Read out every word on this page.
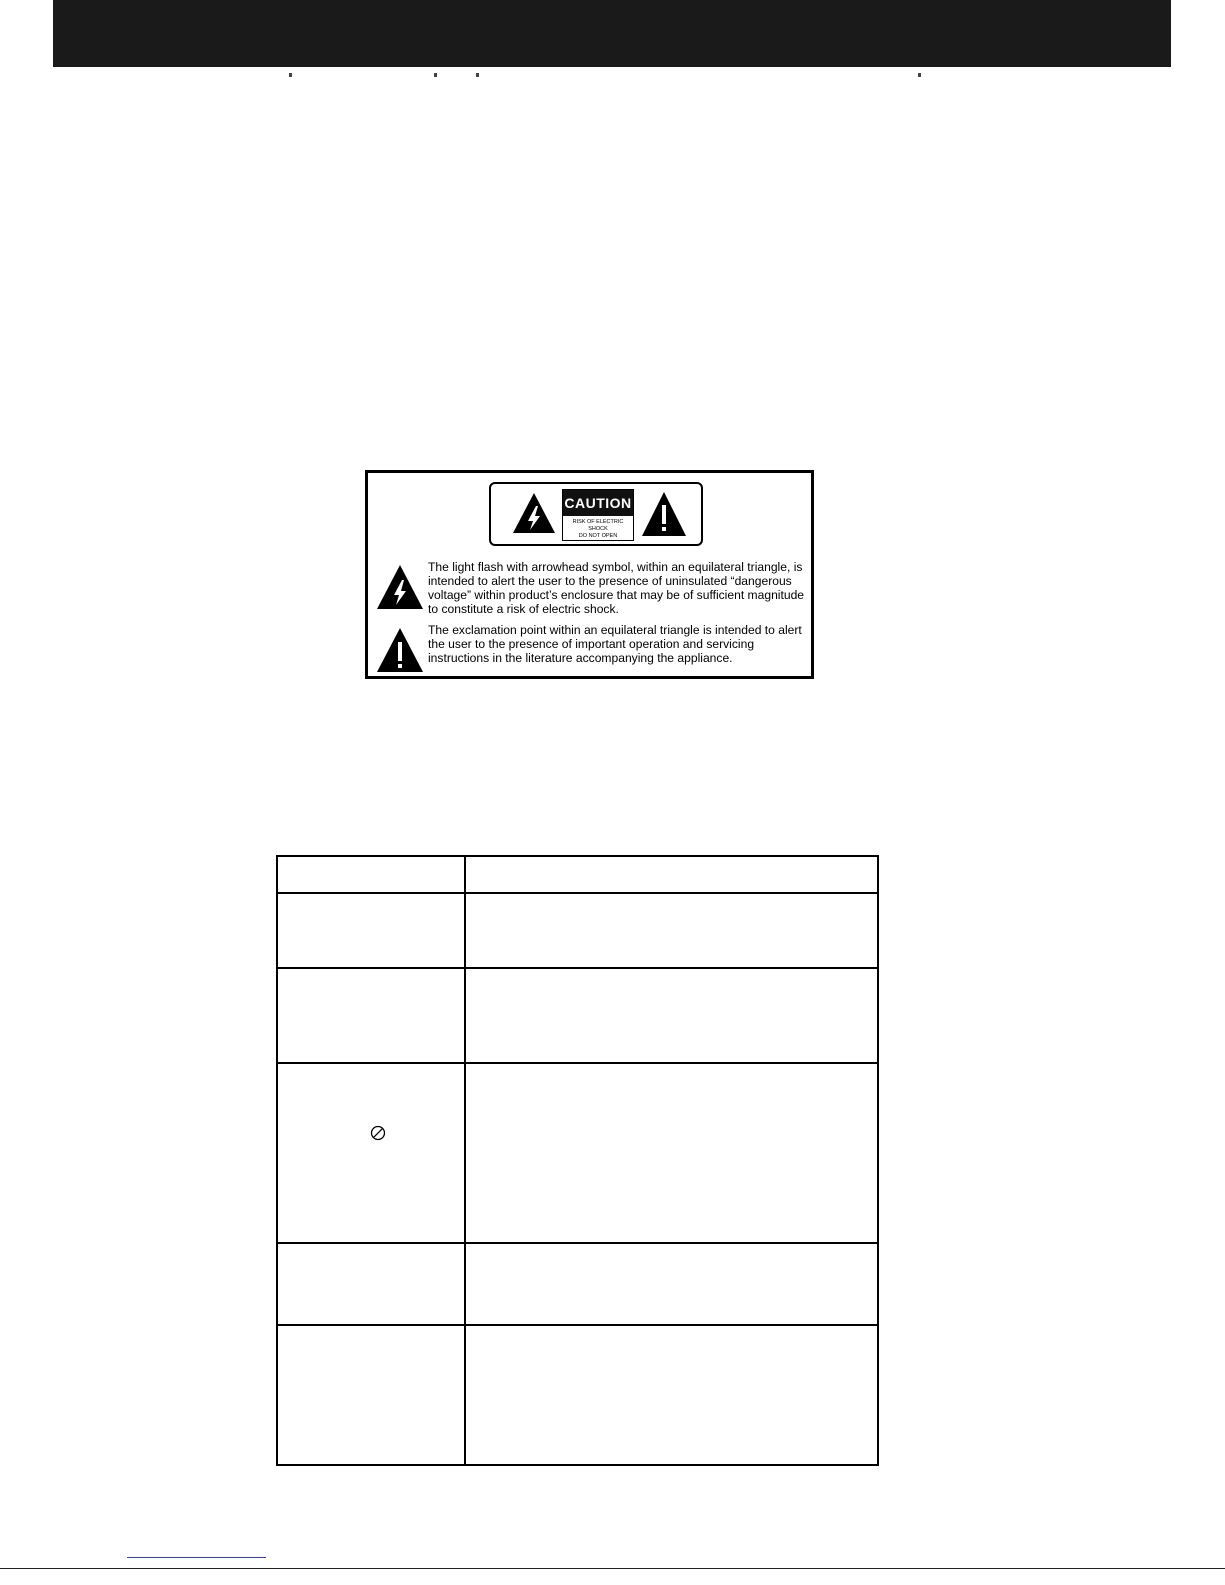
CAUTION
RISK OF ELECTRIC SHOCK
DO NOT OPEN
The light flash with arrowhead symbol, within an equilateral triangle, is intended to alert the user to the presence of uninsulated “dangerous voltage” within product’s enclosure that may be of sufficient magnitude to constitute a risk of electric shock.
The exclamation point within an equilateral triangle is intended to alert the user to the presence of important operation and servicing instructions in the literature accompanying the appliance.
